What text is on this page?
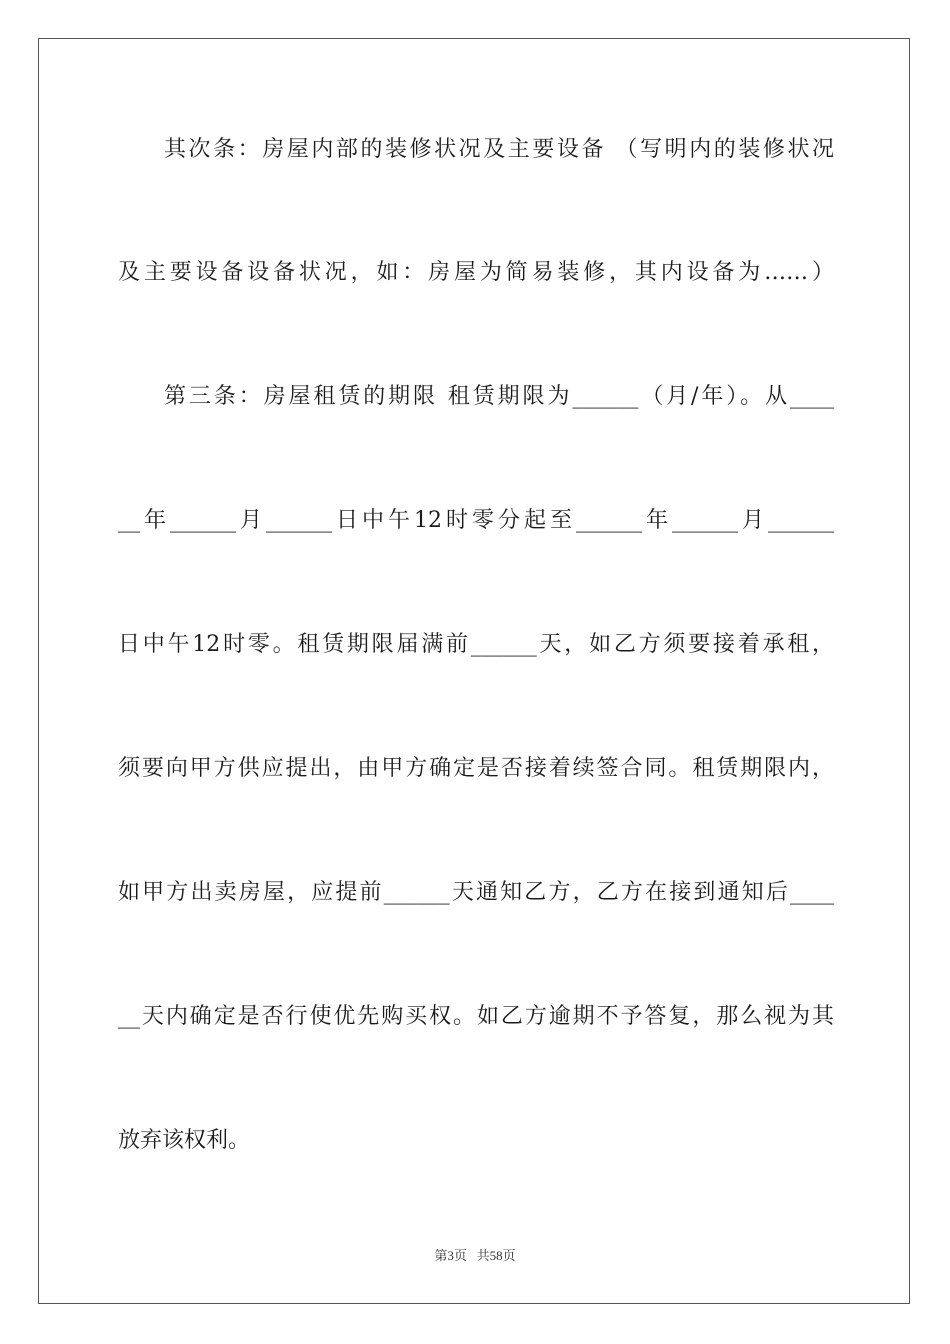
其次条：房屋内部的装修状况及主要设备 （写明内的装修状况
及主要设备设备状况，如：房屋为简易装修，其内设备为……）
第三条：房屋租赁的期限 租赁期限为______（月/年）。从____
__年______月______日中午12时零分起至______年______月______
日中午12时零。租赁期限届满前______天，如乙方须要接着承租，
须要向甲方供应提出，由甲方确定是否接着续签合同。租赁期限内，
如甲方出卖房屋，应提前______天通知乙方，乙方在接到通知后____
__天内确定是否行使优先购买权。如乙方逾期不予答复，那么视为其
放弃该权利。
第3页 共58页
